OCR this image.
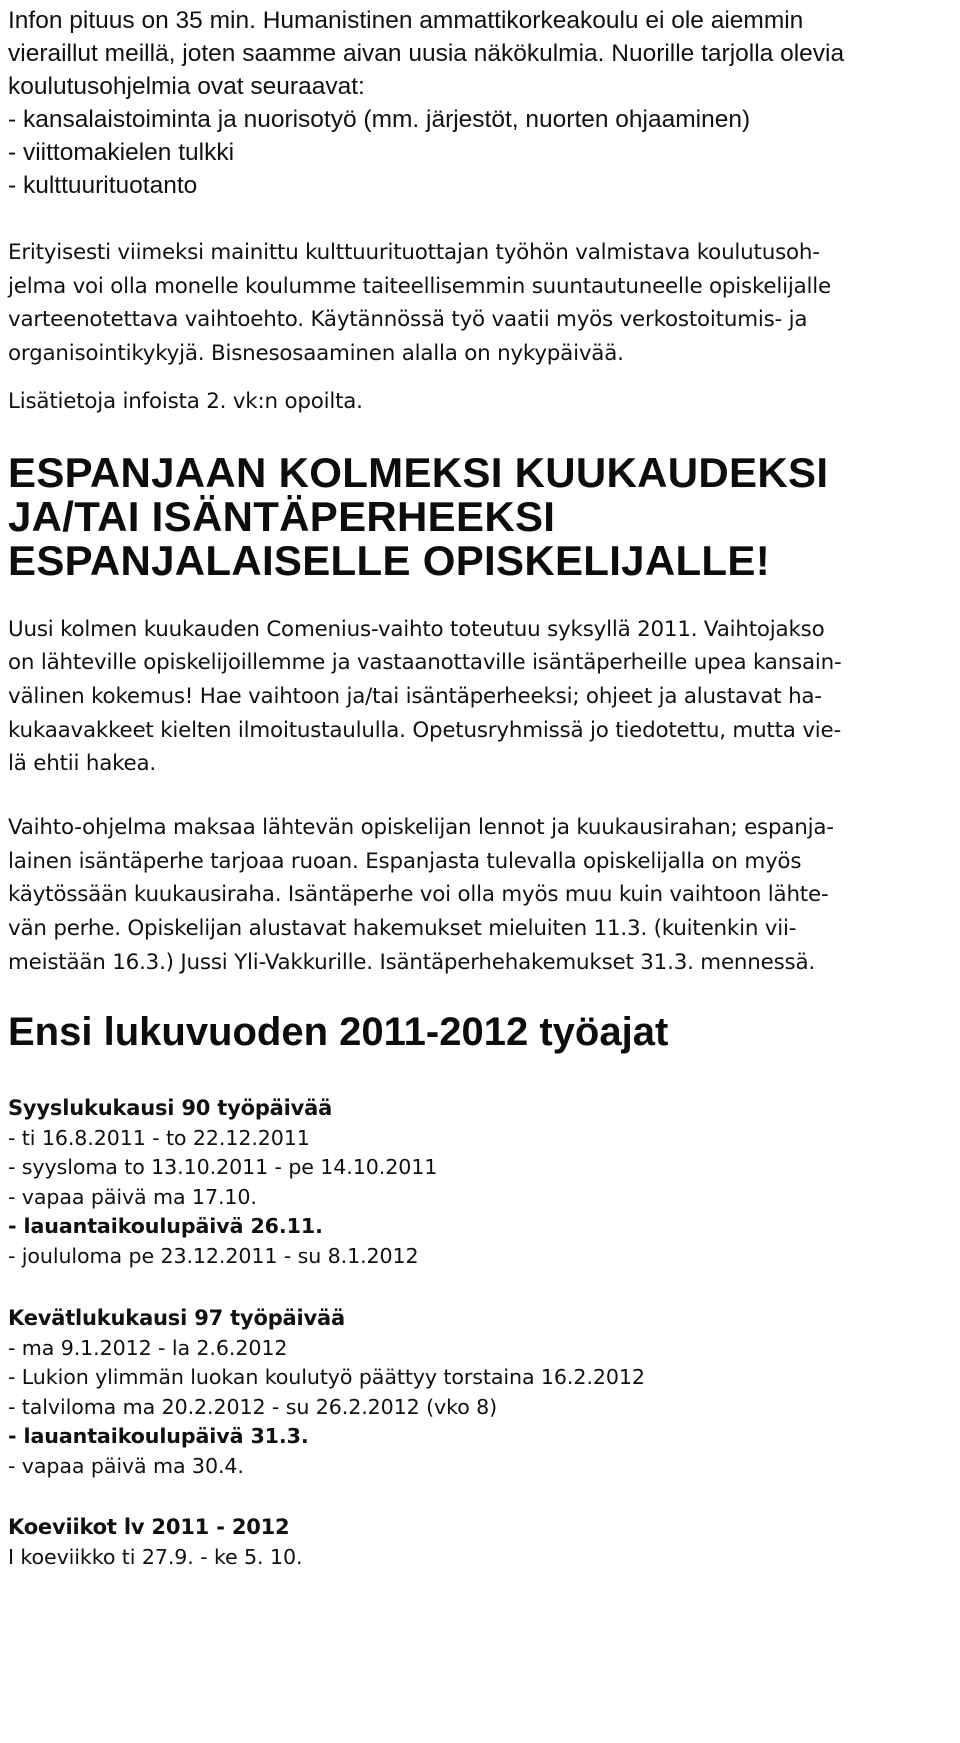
Infon pituus on 35 min. Humanistinen ammattikorkeakoulu ei ole aiemmin
vieraillut meillä, joten saamme aivan uusia näkökulmia. Nuorille tarjolla olevia
koulutusohjelmia ovat seuraavat:
- kansalaistoiminta ja nuorisotyö (mm. järjestöt, nuorten ohjaaminen)
- viittomakielen tulkki
- kulttuurituotanto
Erityisesti viimeksi mainittu kulttuurituottajan työhön valmistava koulutusoh-
jelma voi olla monelle koulumme taiteellisemmin suuntautuneelle opiskelijalle
varteenotettava vaihtoehto. Käytännössä työ vaatii myös verkostoitumis- ja
organisointikykyjä. Bisnesosaaminen alalla on nykypäivää.
Lisätietoja infoista 2. vk:n opoilta.
ESPANJAAN KOLMEKSI KUUKAUDEKSI
JA/TAI ISÄNTÄPERHEEKSI
ESPANJALAISELLE OPISKELIJALLE!
Uusi kolmen kuukauden Comenius-vaihto toteutuu syksyllä 2011. Vaihtojakso
on lähteville opiskelijoillemme ja vastaanottaville isäntäperheille upea kansain-
välinen kokemus! Hae vaihtoon ja/tai isäntäperheeksi; ohjeet ja alustavat ha-
kukaavakkeet kielten ilmoitustaululla. Opetusryhmissä jo tiedotettu, mutta vie-
lä ehtii hakea.
Vaihto-ohjelma maksaa lähtevän opiskelijan lennot ja kuukausirahan; espanja-
lainen isäntäperhe tarjoaa ruoan. Espanjasta tulevalla opiskelijalla on myös
käytössään kuukausiraha. Isäntäperhe voi olla myös muu kuin vaihtoon lähte-
vän perhe. Opiskelijan alustavat hakemukset mieluiten 11.3. (kuitenkin vii-
meistään 16.3.) Jussi Yli-Vakkurille. Isäntäperhehakemukset 31.3. mennessä.
Ensi lukuvuoden 2011-2012 työajat
Syyslukukausi 90 työpäivää
- ti 16.8.2011 - to 22.12.2011
- syysloma to 13.10.2011 - pe 14.10.2011
- vapaa päivä ma 17.10.
- lauantaikoulupäivä 26.11.
- joululoma pe 23.12.2011 - su 8.1.2012
Kevätlukukausi 97 työpäivää
- ma 9.1.2012 - la 2.6.2012
- Lukion ylimmän luokan koulutyö päättyy torstaina 16.2.2012
- talviloma ma 20.2.2012 - su 26.2.2012 (vko 8)
- lauantaikoulupäivä 31.3.
- vapaa päivä ma 30.4.
Koeviikot lv 2011 - 2012
I koeviikko ti 27.9. - ke 5. 10.
